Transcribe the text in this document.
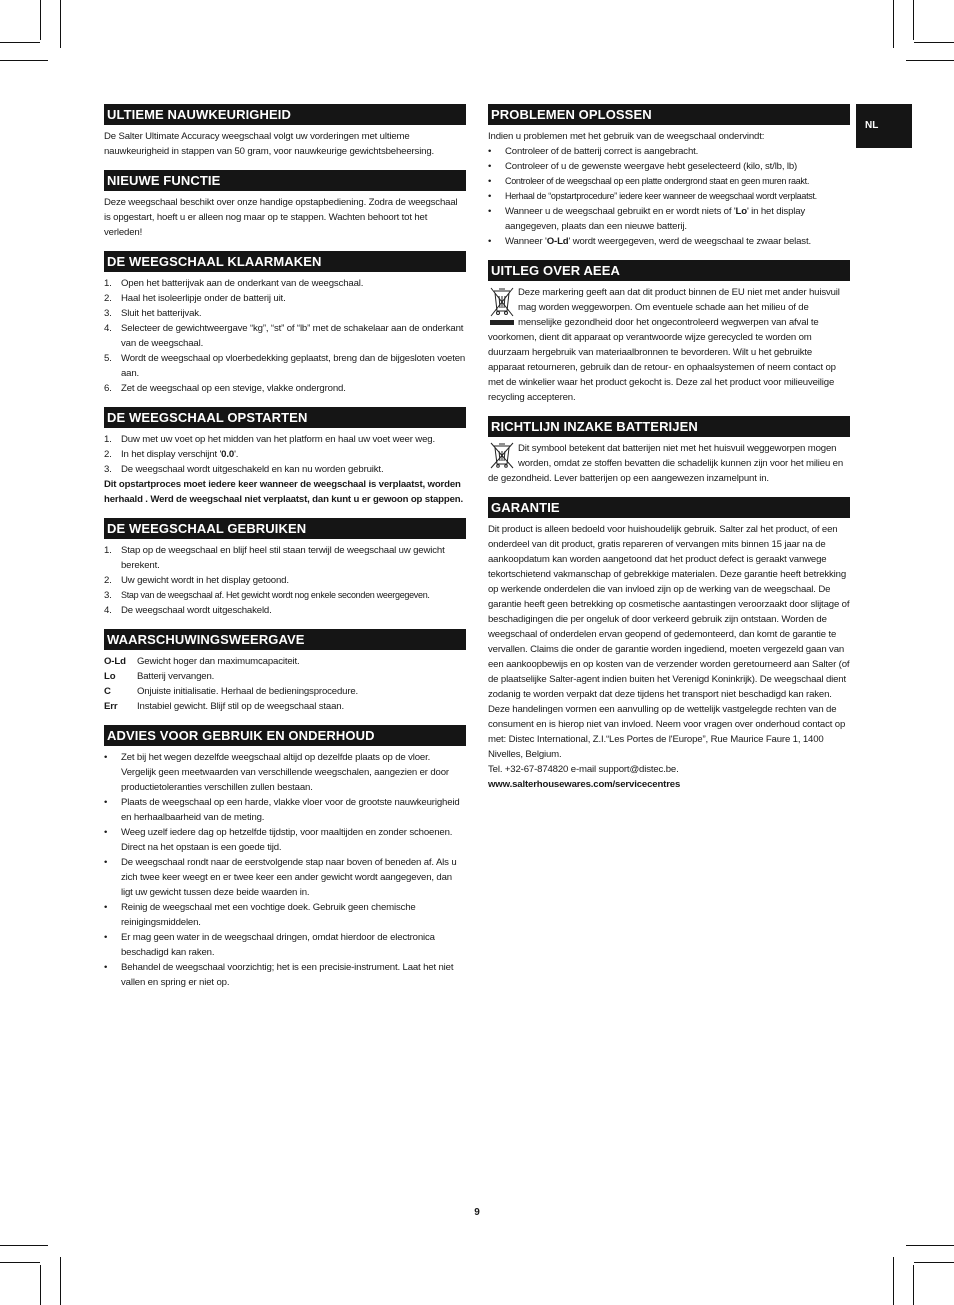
NL
ULTIEME NAUWKEURIGHEID

De Salter Ultimate Accuracy weegschaal volgt uw vorderingen met ultieme nauwkeurigheid in stappen van 50 gram, voor nauwkeurige gewichtsbeheersing.

NIEUWE FUNCTIE

Deze weegschaal beschikt over onze handige opstapbediening. Zodra de weegschaal is opgestart, hoeft u er alleen nog maar op te stappen. Wachten behoort tot het verleden!

DE WEEGSCHAAL KLAARMAKEN
1. Open het batterijvak aan de onderkant van de weegschaal.
2. Haal het isoleerlipje onder de batterij uit.
3. Sluit het batterijvak.
4. Selecteer de gewichtweergave “kg”, “st” of “lb” met de schakelaar aan de onderkant van de weegschaal.
5. Wordt de weegschaal op vloerbedekking geplaatst, breng dan de bijgesloten voeten aan.
6. Zet de weegschaal op een stevige, vlakke ondergrond.
DE WEEGSCHAAL OPSTARTEN
1. Duw met uw voet op het midden van het platform en haal uw voet weer weg.
2. In het display verschijnt '0.0'.
3. De weegschaal wordt uitgeschakeld en kan nu worden gebruikt.

Dit opstartproces moet iedere keer wanneer de weegschaal is verplaatst, worden herhaald . Werd de weegschaal niet verplaatst, dan kunt u er gewoon op stappen.

DE WEEGSCHAAL GEBRUIKEN
1. Stap op de weegschaal en blijf heel stil staan terwijl de weegschaal uw gewicht berekent.
2. Uw gewicht wordt in het display getoond.
3. Stap van de weegschaal af. Het gewicht wordt nog enkele seconden weergegeven.
4. De weegschaal wordt uitgeschakeld.
WAARSCHUWINGSWEERGAVE
O-Ld	Gewicht hoger dan maximumcapaciteit.
Lo	Batterij vervangen.
C	Onjuiste initialisatie. Herhaal de bedieningsprocedure.
Err	Instabiel gewicht. Blijf stil op de weegschaal staan.
ADVIES VOOR GEBRUIK EN ONDERHOUD
• Zet bij het wegen dezelfde weegschaal altijd op dezelfde plaats op de vloer. Vergelijk geen meetwaarden van verschillende weegschalen, aangezien er door productietoleranties verschillen zullen bestaan.
• Plaats de weegschaal op een harde, vlakke vloer voor de grootste nauwkeurigheid en herhaalbaarheid van de meting.
• Weeg uzelf iedere dag op hetzelfde tijdstip, voor maaltijden en zonder schoenen. Direct na het opstaan is een goede tijd.
• De weegschaal rondt naar de eerstvolgende stap naar boven of beneden af. Als u zich twee keer weegt en er twee keer een ander gewicht wordt aangegeven, dan ligt uw gewicht tussen deze beide waarden in.
• Reinig de weegschaal met een vochtige doek. Gebruik geen chemische reinigingsmiddelen.
• Er mag geen water in de weegschaal dringen, omdat hierdoor de electronica beschadigd kan raken.
• Behandel de weegschaal voorzichtig; het is een precisie-instrument. Laat het niet vallen en spring er niet op.
PROBLEMEN OPLOSSEN

Indien u problemen met het gebruik van de weegschaal ondervindt:

• Controleer of de batterij correct is aangebracht.
• Controleer of u de gewenste weergave hebt geselecteerd (kilo, st/lb, lb)
• Controleer of de weegschaal op een platte ondergrond staat en geen muren raakt.
• Herhaal de “opstartprocedure” iedere keer wanneer de weegschaal wordt verplaatst.
• Wanneer u de weegschaal gebruikt en er wordt niets of 'Lo' in het display aangegeven, plaats dan een nieuwe batterij.
• Wanneer 'O-Ld' wordt weergegeven, werd de weegschaal te zwaar belast.
UITLEG OVER AEEA

Deze markering geeft aan dat dit product binnen de EU niet met ander huisvuil mag worden weggeworpen. Om eventuele schade aan het milieu of de menselijke gezondheid door het ongecontroleerd wegwerpen van afval te voorkomen, dient dit apparaat op verantwoorde wijze gerecycled te worden om duurzaam hergebruik van materiaalbronnen te bevorderen. Wilt u het gebruikte apparaat retourneren, gebruik dan de retour- en ophaalsystemen of neem contact op met de winkelier waar het product gekocht is. Deze zal het product voor milieuveilige recycling accepteren.

RICHTLIJN INZAKE BATTERIJEN

Dit symbool betekent dat batterijen niet met het huisvuil weggeworpen mogen worden, omdat ze stoffen bevatten die schadelijk kunnen zijn voor het milieu en de gezondheid. Lever batterijen op een aangewezen inzamelpunt in.

GARANTIE

Dit product is alleen bedoeld voor huishoudelijk gebruik. Salter zal het product, of een onderdeel van dit product, gratis repareren of vervangen mits binnen 15 jaar na de aankoopdatum kan worden aangetoond dat het product defect is geraakt vanwege tekortschietend vakmanschap of gebrekkige materialen. Deze garantie heeft betrekking op werkende onderdelen die van invloed zijn op de werking van de weegschaal. De garantie heeft geen betrekking op cosmetische aantastingen veroorzaakt door slijtage of beschadigingen die per ongeluk of door verkeerd gebruik zijn ontstaan. Worden de weegschaal of onderdelen ervan geopend of gedemonteerd, dan komt de garantie te vervallen. Claims die onder de garantie worden ingediend, moeten vergezeld gaan van een aankoopbewijs en op kosten van de verzender worden geretourneerd aan Salter (of de plaatselijke Salter-agent indien buiten het Verenigd Koninkrijk). De weegschaal dient zodanig te worden verpakt dat deze tijdens het transport niet beschadigd kan raken. Deze handelingen vormen een aanvulling op de wettelijk vastgelegde rechten van de consument en is hierop niet van invloed. Neem voor vragen over onderhoud contact op met: Distec International, Z.I.“Les Portes de l'Europe”, Rue Maurice Faure 1, 1400 Nivelles, Belgium.

Tel. +32-67-874820 e-mail support@distec.be.

www.salterhousewares.com/servicecentres

9
